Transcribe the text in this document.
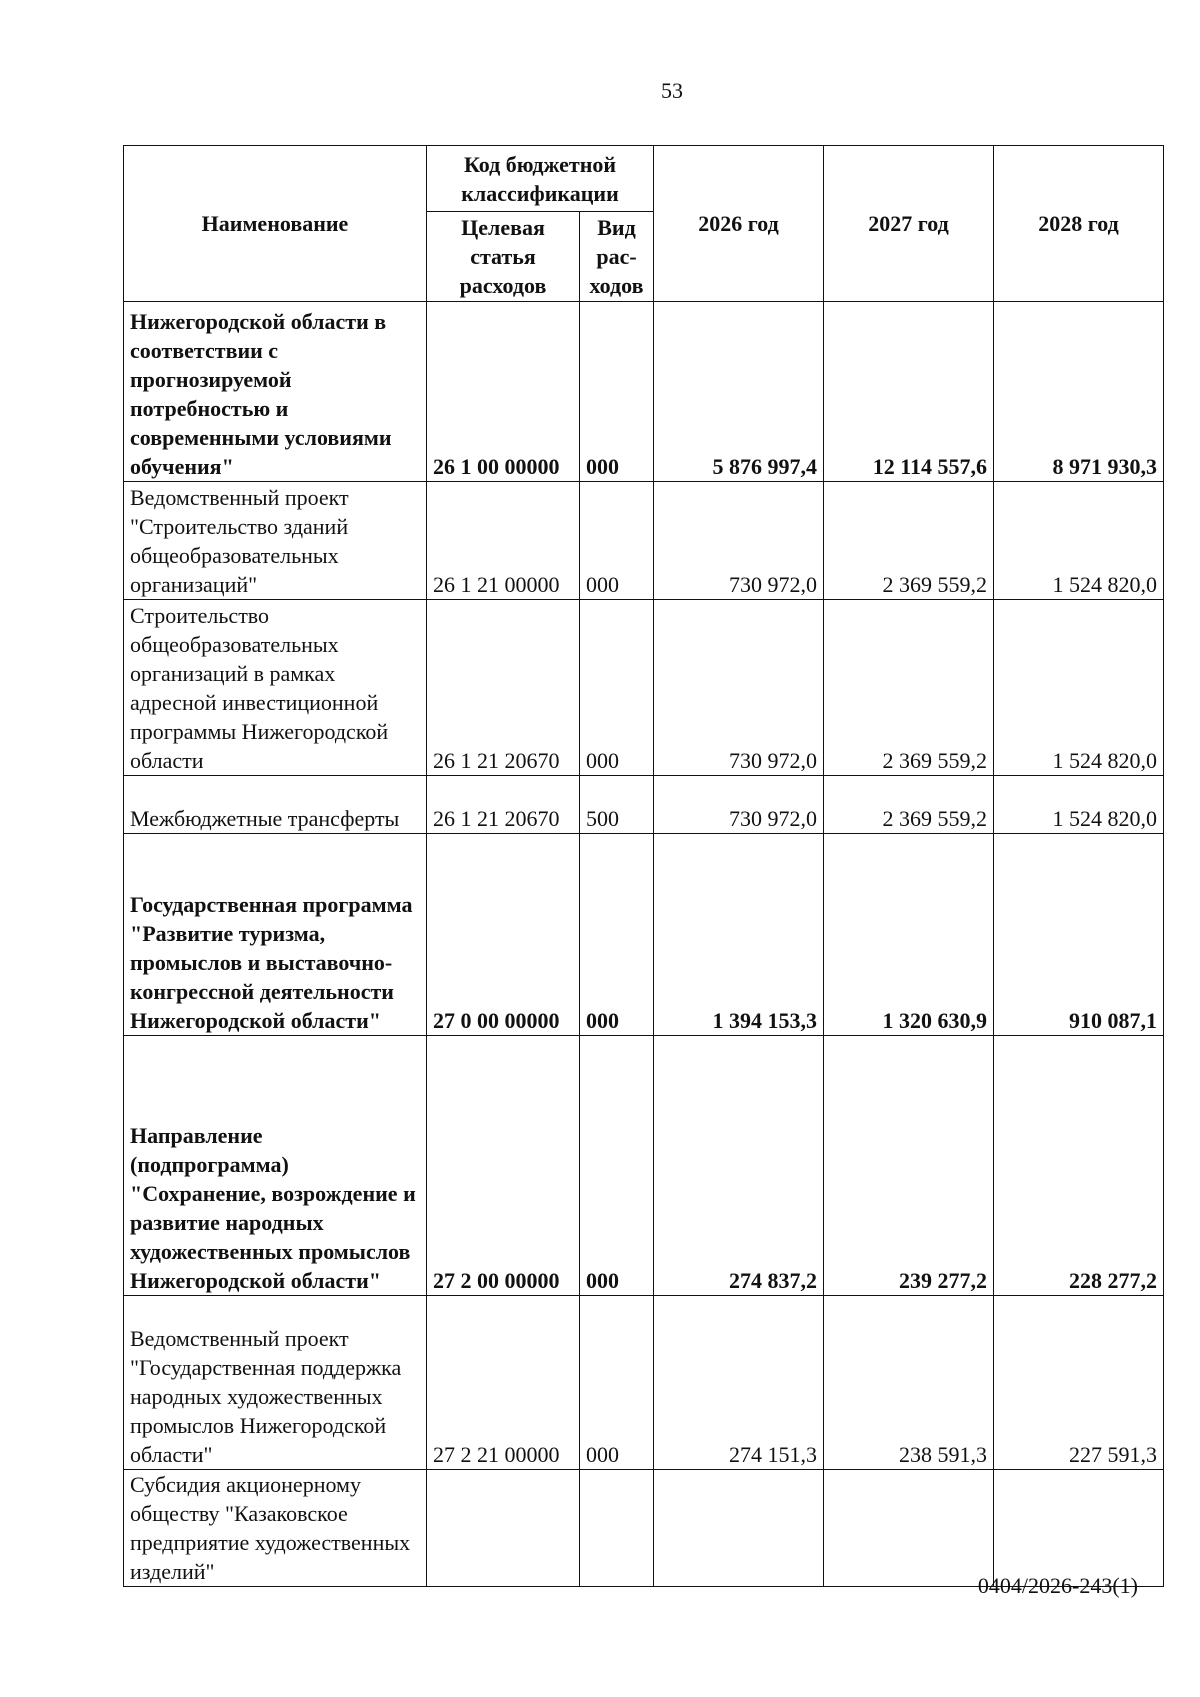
53
Наименование	Код бюджетной классификации		2026 год	2027 год	2028 год
	Целевая статья расходов	Вид рас-ходов			
Нижегородской области в соответствии с прогнозируемой потребностью и современными условиями обучения"	26 1 00 00000	000	5 876 997,4	12 114 557,6	8 971 930,3
Ведомственный проект "Строительство зданий общеобразовательных организаций"	26 1 21 00000	000	730 972,0	2 369 559,2	1 524 820,0
Строительство общеобразовательных организаций в рамках адресной инвестиционной программы Нижегородской области	26 1 21 20670	000	730 972,0	2 369 559,2	1 524 820,0
Межбюджетные трансферты	26 1 21 20670	500	730 972,0	2 369 559,2	1 524 820,0
Государственная программа "Развитие туризма, промыслов и выставочно-конгрессной деятельности Нижегородской области"	27 0 00 00000	000	1 394 153,3	1 320 630,9	910 087,1
Направление (подпрограмма) "Сохранение, возрождение и развитие народных художественных промыслов Нижегородской области"	27 2 00 00000	000	274 837,2	239 277,2	228 277,2
Ведомственный проект "Государственная поддержка народных художественных промыслов Нижегородской области"	27 2 21 00000	000	274 151,3	238 591,3	227 591,3
Субсидия акционерному обществу "Казаковское предприятие художественных изделий"					
0404/2026-243(1)
